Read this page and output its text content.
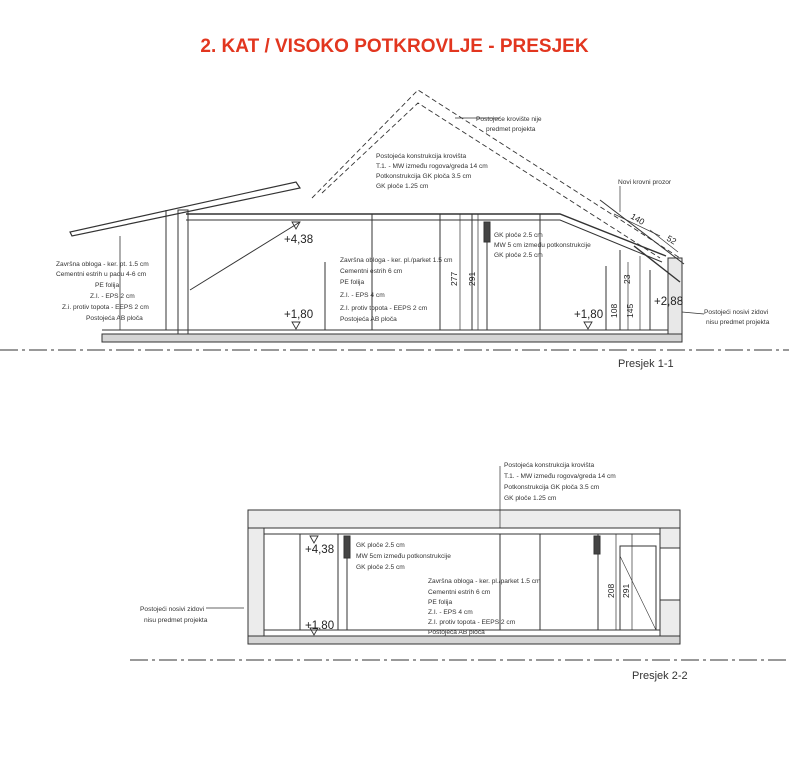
2. KAT / VISOKO POTKROVLJE - PRESJEK
Postojeće krovište nije
predmet projekta
Postojeća konstrukcija krovišta
T.1. - MW između rogova/greda 14 cm
Potkonstrukcija GK ploča 3.5 cm
GK ploče 1.25 cm
Novi krovni prozor
Završna obloga - ker. pt. 1.5 cm
Cementni estrih u padu 4-6 cm
PE folija
Z.I. - EPS 2 cm
Z.i. protiv topota - EEPS 2 cm
Postojeća AB ploča
Završna obloga - ker. pl./parket 1.5 cm
Cementni estrih 6 cm
PE folija
Z.I. - EPS 4 cm
Z.I. protiv topota - EEPS 2 cm
Postojeća AB ploča
GK ploče 2.5 cm
MW 5 cm između potkonstrukcije
GK ploče 2.5 cm
Postojeći nosivi zidovi
nisu predmet projekta
+4,38
+1,80	+1,80
+2,88
277 291
108 145
23
140
52
Presjek 1-1
Postojeća konstrukcija krovišta
T.1. - MW između rogova/greda 14 cm
Potkonstrukcija GK ploča 3.5 cm
GK ploče 1.25 cm
GK ploče 2.5 cm
MW 5cm između potkonstrukcije
GK ploče 2.5 cm
Završna obloga - ker. pl./parket 1.5 cm
Cementni estrih 6 cm
PE folija
Z.I. - EPS 4 cm
Z.I. protiv topota - EEPS 2 cm
Postojeća AB ploča
Postojeći nosivi zidovi
nisu predmet projekta
+4,38
+1,80
208 291
Presjek 2-2
